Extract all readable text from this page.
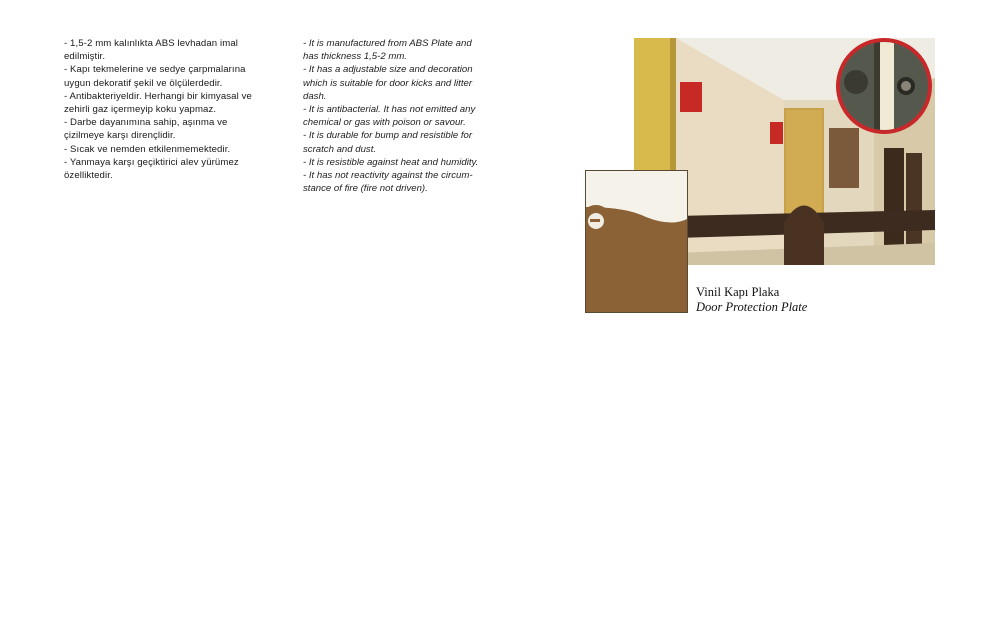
- 1,5-2 mm kalınlıkta ABS levhadan imal
edilmiştir.
- Kapı tekmelerine ve sedye çarpmalarına
uygun dekoratif şekil ve ölçülerdedir.
- Antibakteriyeldir. Herhangi bir kimyasal ve
zehirli gaz içermeyip koku yapmaz.
- Darbe dayanımına sahip, aşınma ve
çizilmeye karşı dirençlidir.
- Sıcak ve nemden etkilenmemektedir.
- Yanmaya karşı geçiktirici alev yürümez
özelliktedir.
- It is manufactured from ABS Plate and
has thickness 1,5-2 mm.
- It has a adjustable size and decoration
which is suitable for door kicks and litter
dash.
- It is antibacterial. It has not emitted any
chemical or gas with poison or savour.
- It is durable for bump and resistible for
scratch and dust.
- It is resistible against heat and humidity.
- It has not reactivity against the circum-
stance of fire (fire not driven).
Vinil Kapı Plaka
Door Protection Plate
